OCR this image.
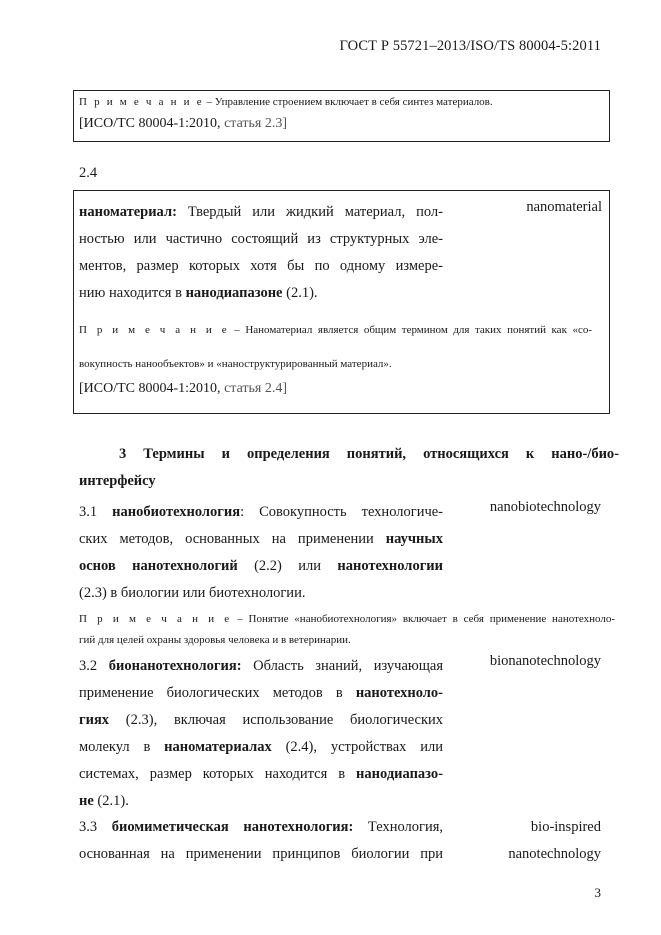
ГОСТ Р 55721–2013/ISO/TS 80004-5:2011
П р и м е ч а н и е – Управление строением включает в себя синтез материалов.
[ИСО/ТС 80004-1:2010, статья 2.3]
2.4
наноматериал: Твердый или жидкий материал, пол-
ностью или частично состоящий из структурных эле-
ментов, размер которых хотя бы по одному измере-
нию находится в нанодиапазоне (2.1).
nanomaterial
П р и м е ч а н и е – Наноматериал является общим термином для таких понятий как «со-
вокупность нанообъектов» и «наноструктурированный материал».
[ИСО/ТС 80004-1:2010, статья 2.4]
3 Термины и определения понятий, относящихся к нано-/био-
интерфейсу
3.1 нанобиотехнология: Совокупность технологиче-
ских методов, основанных на применении научных
основ нанотехнологий (2.2) или нанотехнологии
(2.3) в биологии или биотехнологии.
nanobiotechnology
П р и м е ч а н и е – Понятие «нанобиотехнология» включает в себя применение нанотехноло-
гий для целей охраны здоровья человека и в ветеринарии.
3.2 бионанотехнология: Область знаний, изучающая
применение биологических методов в нанотехноло-
гиях (2.3), включая использование биологических
молекул в наноматериалах (2.4), устройствах или
системах, размер которых находится в нанодиапазо-
не (2.1).
bionanotechnology
3.3 биомиметическая нанотехнология: Технология,
основанная на применении принципов биологии при
bio-inspired
nanotechnology
3
